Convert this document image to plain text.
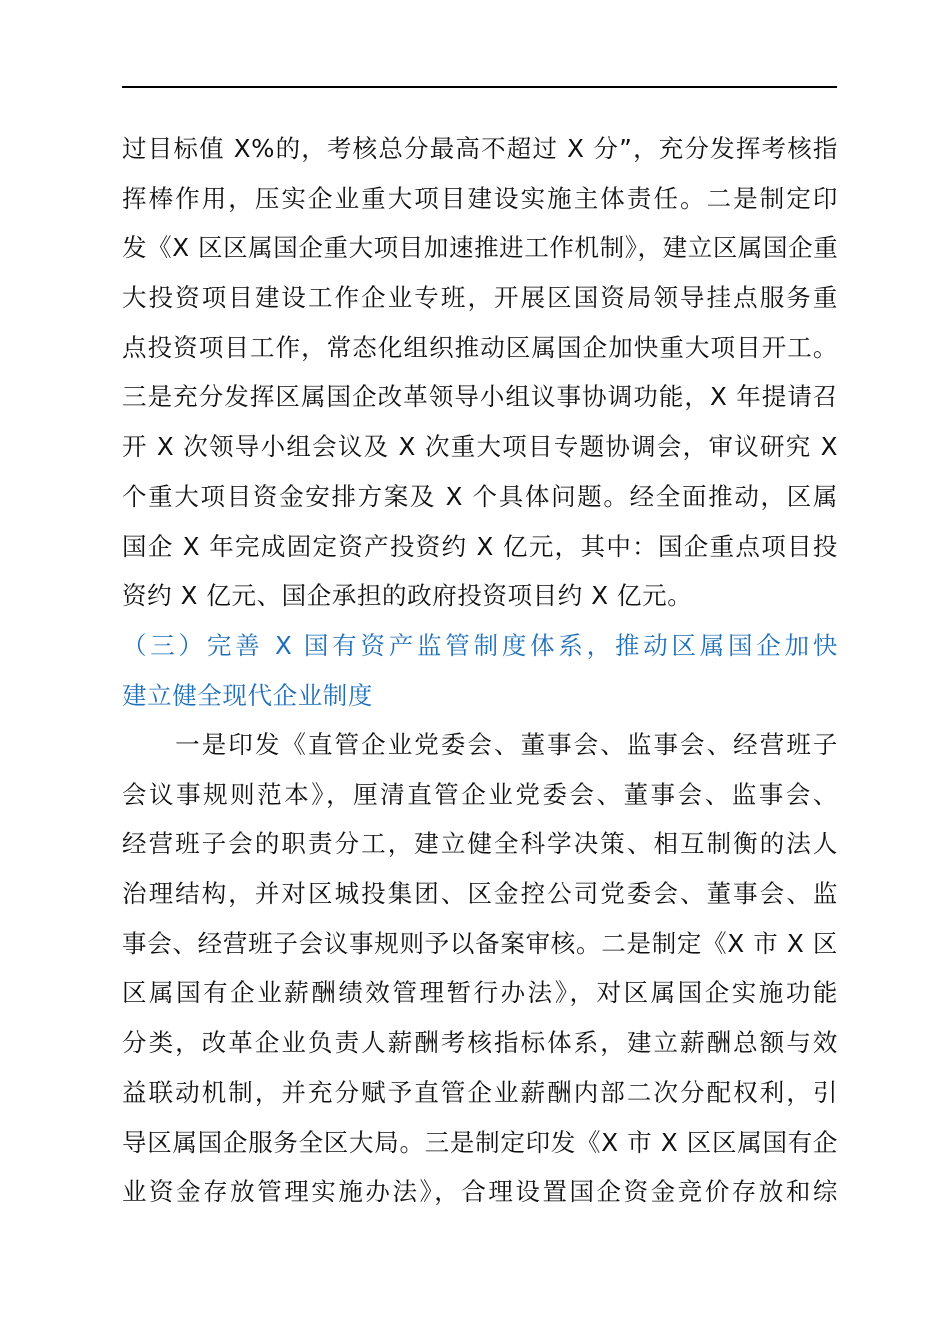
过目标值 X%的，考核总分最高不超过 X 分”，充分发挥考核指
挥棒作用，压实企业重大项目建设实施主体责任。二是制定印
发《X 区区属国企重大项目加速推进工作机制》，建立区属国企重
大投资项目建设工作企业专班，开展区国资局领导挂点服务重
点投资项目工作，常态化组织推动区属国企加快重大项目开工。
三是充分发挥区属国企改革领导小组议事协调功能，X 年提请召
开 X 次领导小组会议及 X 次重大项目专题协调会，审议研究 X
个重大项目资金安排方案及 X 个具体问题。经全面推动，区属
国企 X 年完成固定资产投资约 X 亿元，其中：国企重点项目投
资约 X 亿元、国企承担的政府投资项目约 X 亿元。
（三）完善 X 国有资产监管制度体系，推动区属国企加快
建立健全现代企业制度
　　一是印发《直管企业党委会、董事会、监事会、经营班子
会议事规则范本》，厘清直管企业党委会、董事会、监事会、
经营班子会的职责分工，建立健全科学决策、相互制衡的法人
治理结构，并对区城投集团、区金控公司党委会、董事会、监
事会、经营班子会议事规则予以备案审核。二是制定《X 市 X 区
区属国有企业薪酬绩效管理暂行办法》，对区属国企实施功能
分类，改革企业负责人薪酬考核指标体系，建立薪酬总额与效
益联动机制，并充分赋予直管企业薪酬内部二次分配权利，引
导区属国企服务全区大局。三是制定印发《X 市 X 区区属国有企
业资金存放管理实施办法》，合理设置国企资金竞价存放和综
